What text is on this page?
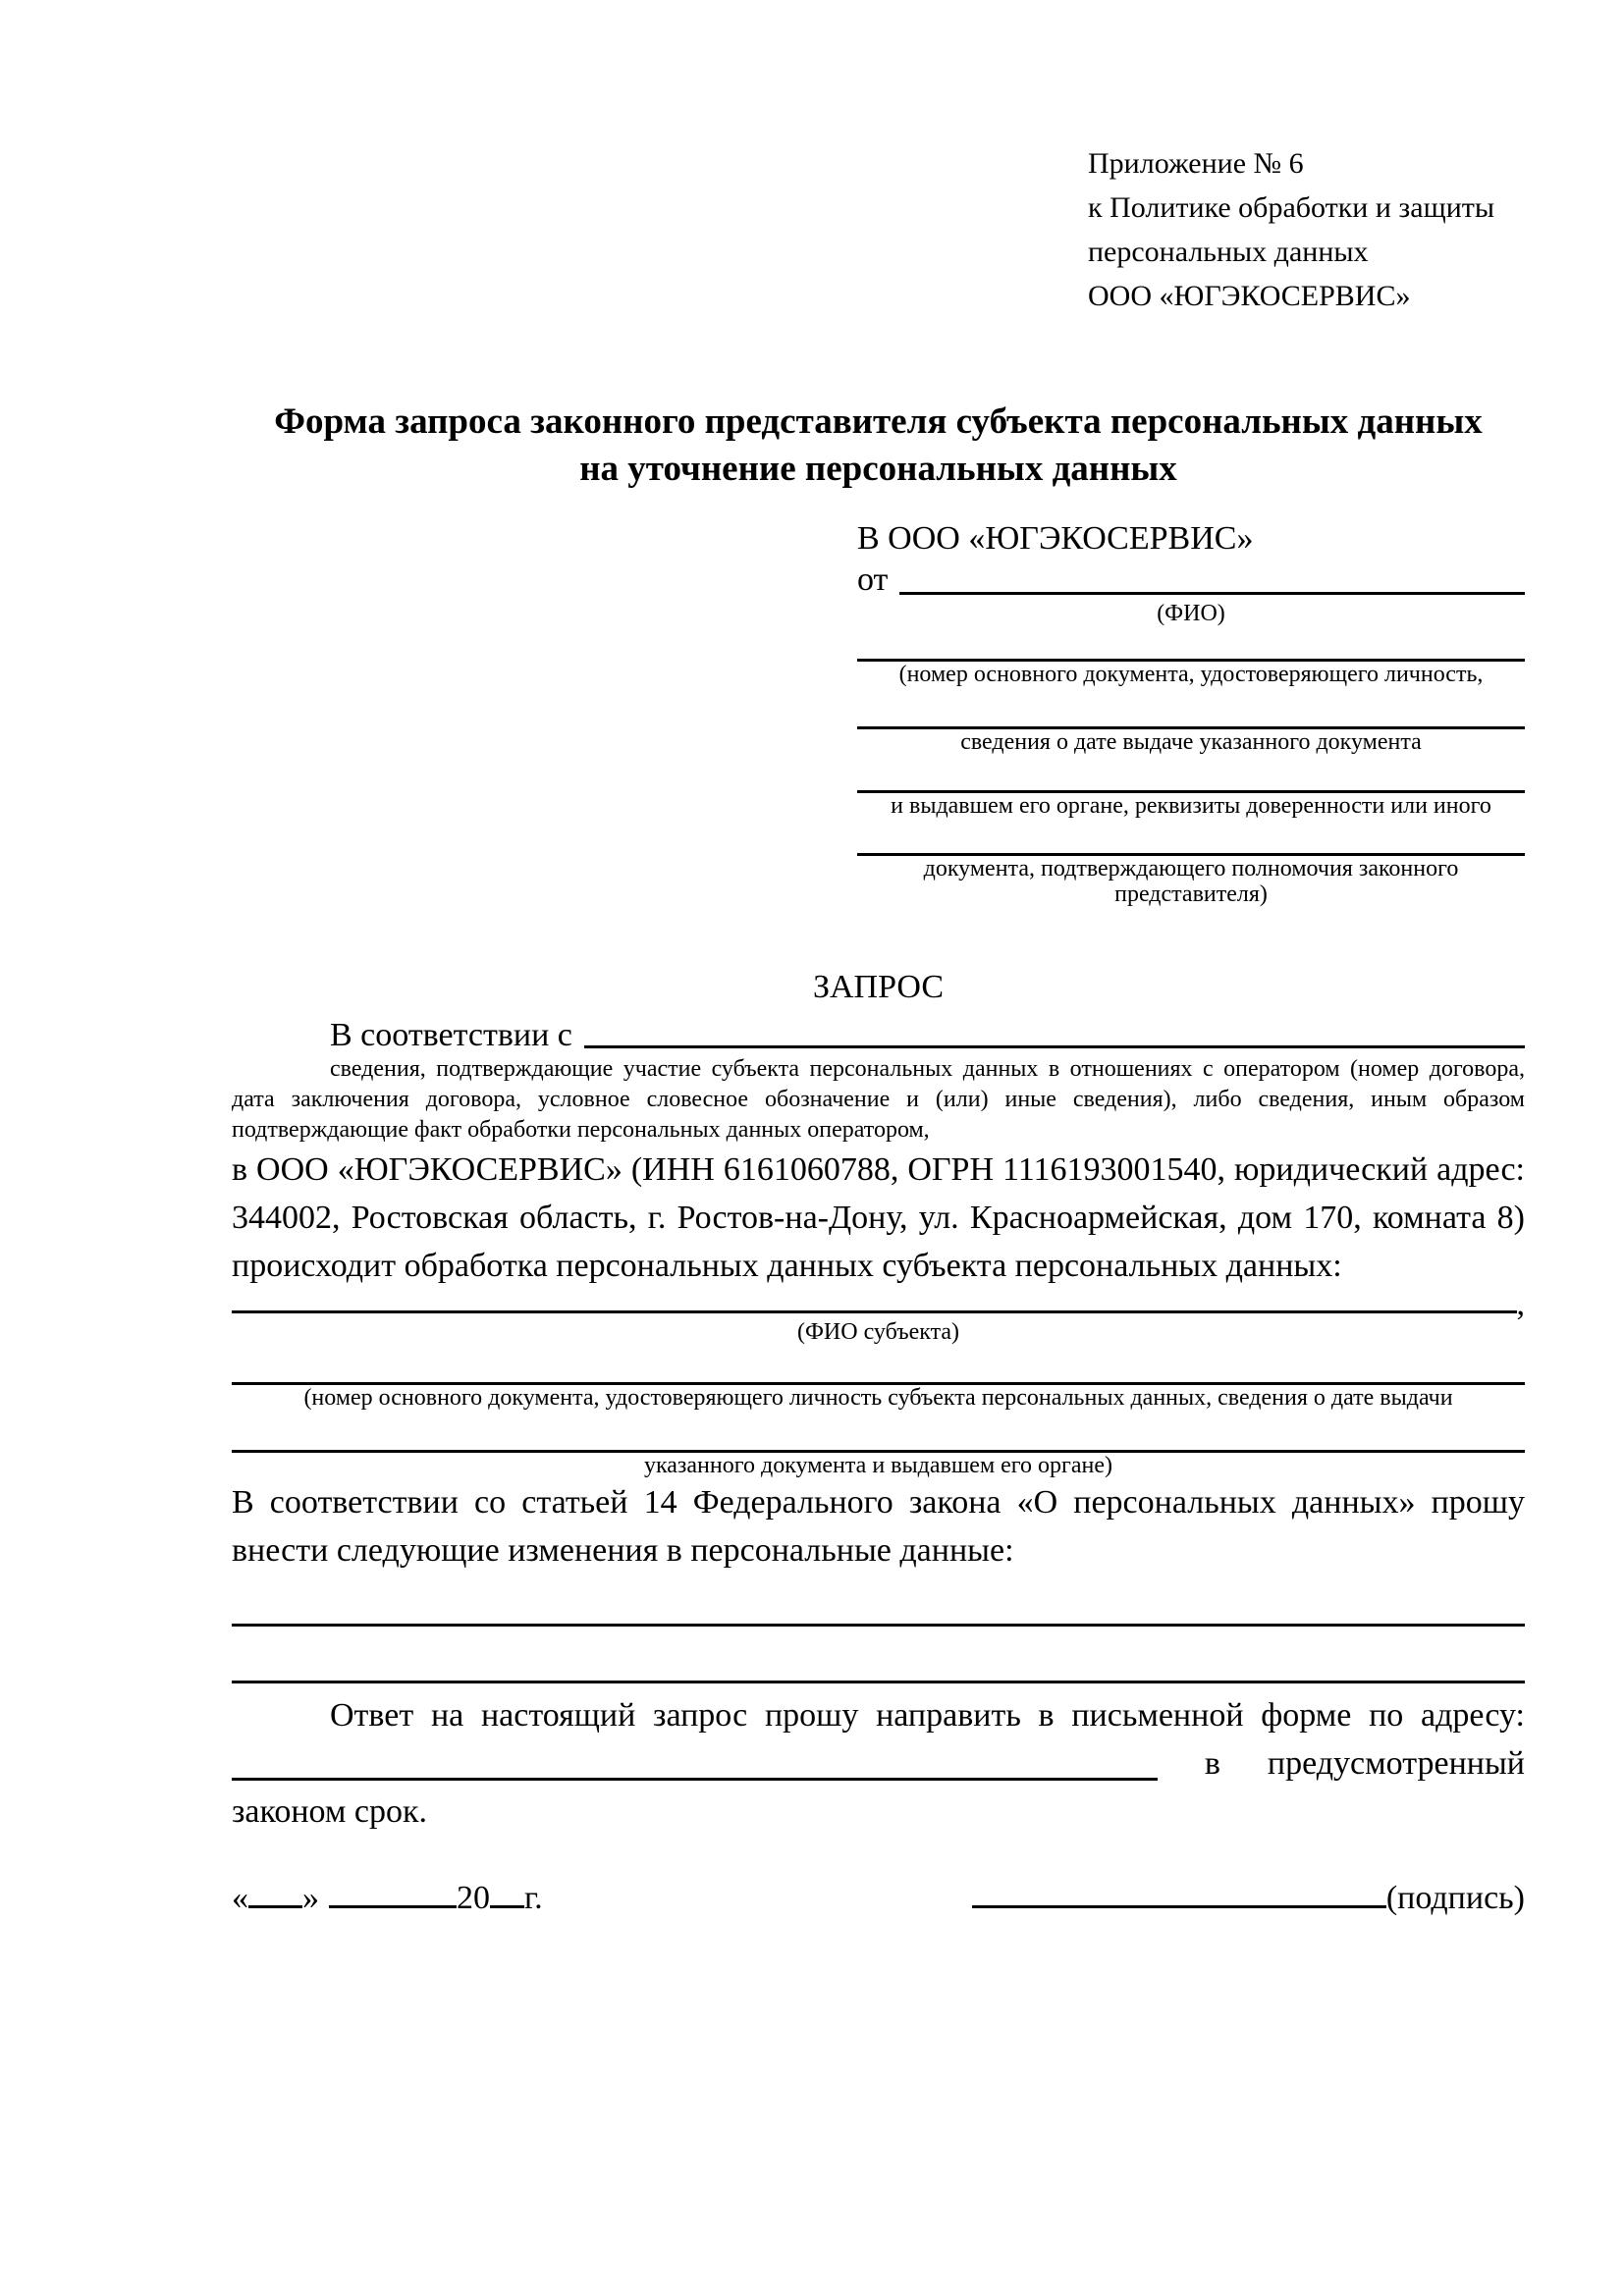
Приложение № 6
к Политике обработки и защиты
персональных данных
ООО «ЮГЭКОСЕРВИС»
Форма запроса законного представителя субъекта персональных данных
на уточнение персональных данных
В ООО «ЮГЭКОСЕРВИС»
от
(ФИО)
(номер основного документа, удостоверяющего личность,
сведения о дате выдаче указанного документа
и выдавшем его органе, реквизиты доверенности или иного
документа, подтверждающего полномочия законного представителя)
ЗАПРОС
В соответствии с
сведения, подтверждающие участие субъекта персональных данных в отношениях с оператором (номер договора, дата заключения договора, условное словесное обозначение и (или) иные сведения), либо сведения, иным образом подтверждающие факт обработки персональных данных оператором,
в ООО «ЮГЭКОСЕРВИС» (ИНН 6161060788, ОГРН 1116193001540, юридический адрес: 344002, Ростовская область, г. Ростов-на-Дону, ул. Красноармейская, дом 170, комната 8) происходит обработка персональных данных субъекта персональных данных:
,
(ФИО субъекта)
(номер основного документа, удостоверяющего личность субъекта персональных данных, сведения о дате выдачи
указанного документа и выдавшем его органе)
В соответствии со статьей 14 Федерального закона «О персональных данных» прошу внести следующие изменения в персональные данные:
Ответ на настоящий запрос прошу направить в письменной форме по адресу:
в предусмотренный
законом срок.
« »	20 г.	(подпись)
